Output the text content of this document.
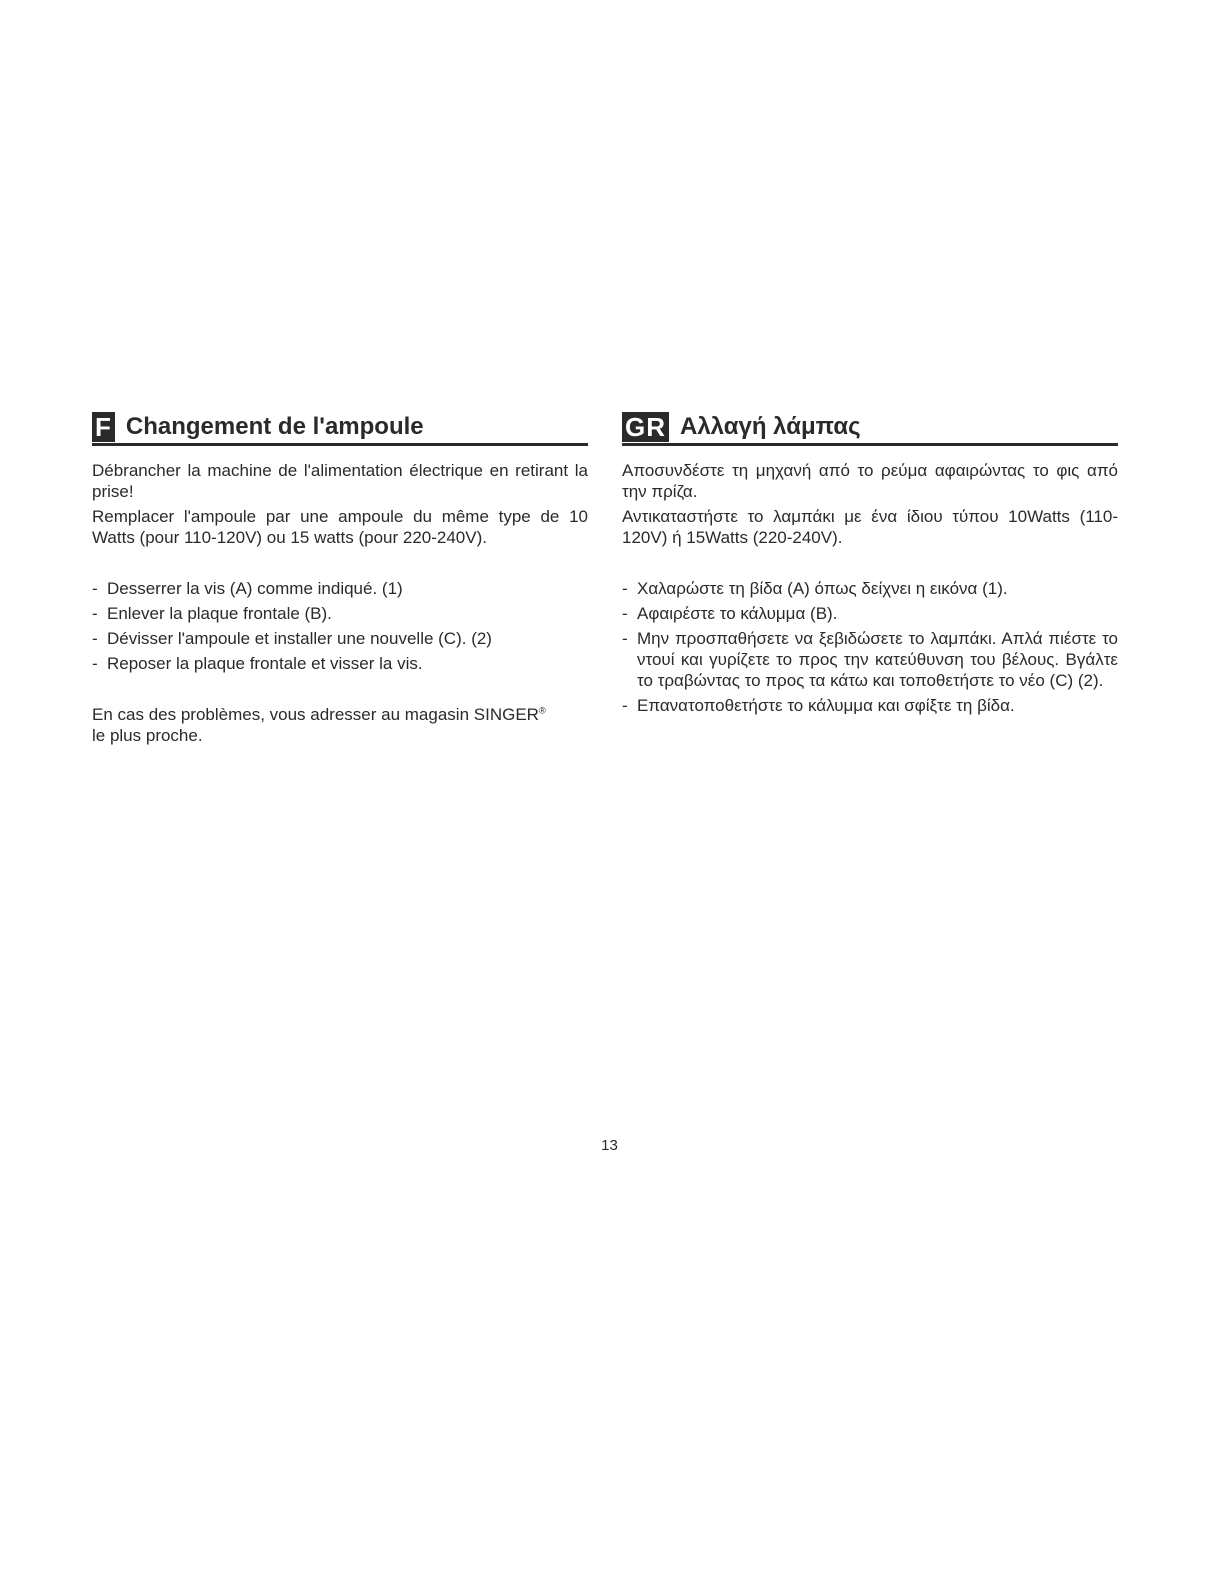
F Changement de l'ampoule

Débrancher la machine de l'alimentation électrique en retirant la prise!

Remplacer l'ampoule par une ampoule du même type de 10 Watts (pour 110-120V) ou 15 watts (pour 220-240V).

- Desserrer la vis (A) comme indiqué. (1)
- Enlever la plaque frontale (B).
- Dévisser l'ampoule et installer une nouvelle (C). (2)
- Reposer la plaque frontale et visser la vis.

En cas des problèmes, vous adresser au magasin SINGER®
le plus proche.

GR Αλλαγή λάμπας

Αποσυνδέστε τη μηχανή από το ρεύμα αφαιρώντας το φις από την πρίζα.

Αντικαταστήστε το λαμπάκι με ένα ίδιου τύπου 10Watts (110-120V) ή 15Watts (220-240V).

- Χαλαρώστε τη βίδα (A) όπως δείχνει η εικόνα (1).
- Αφαιρέστε το κάλυμμα (B).
- Μην προσπαθήσετε να ξεβιδώσετε το λαμπάκι. Απλά πιέστε το ντουί και γυρίζετε το προς την κατεύθυνση του βέλους. Βγάλτε το τραβώντας το προς τα κάτω και τοποθετήστε το νέο (C) (2).
- Επανατοποθετήστε το κάλυμμα και σφίξτε τη βίδα.
13
